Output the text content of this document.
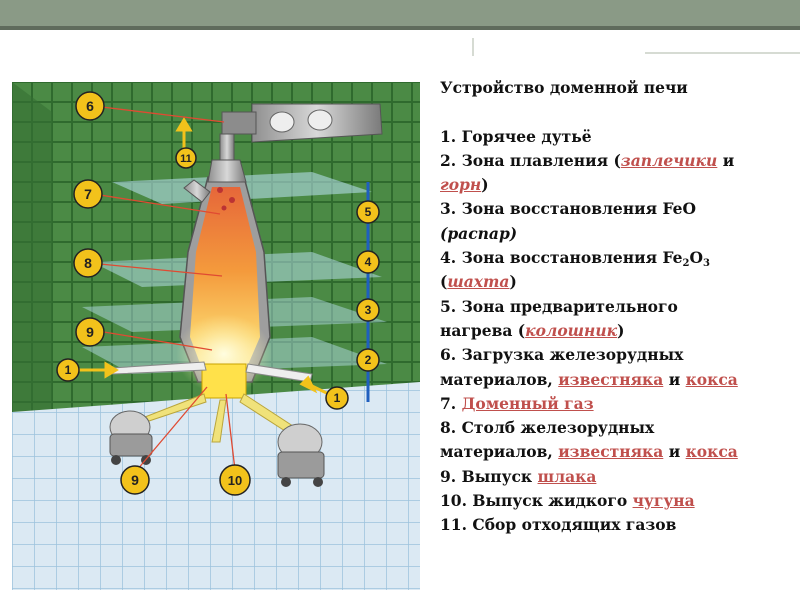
6
11
7
8
9
1
9	10
5
4
3
2
1
Устройство доменной печи
1. Горячее дутьё
2. Зона плавления (заплечики и
горн)
3. Зона восстановления FeO
(распар)
4. Зона восстановления $Fe_2O_3$
(шахта)
5. Зона предварительного
нагрева (колошник)
6. Загрузка железорудных
материалов, известняка и кокса
7. Доменный газ
8. Столб железорудных
материалов, известняка и кокса
9. Выпуск шлака
10. Выпуск жидкого чугуна
11. Сбор отходящих газов
